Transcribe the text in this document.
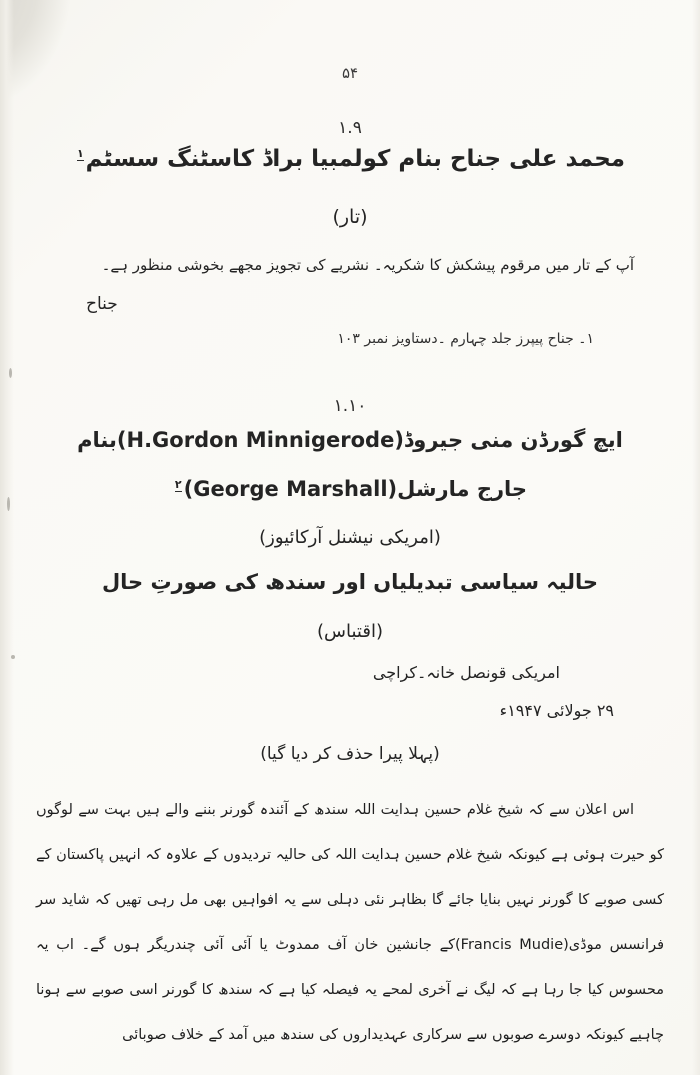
۵۴
۱.۹
محمد علی جناح بنام کولمبیا براڈ کاسٹنگ سسٹم$^۱$
(تار)
آپ کے تار میں مرقوم پیشکش کا شکریہ۔ نشریے کی تجویز مجھے بخوشی منظور ہے۔
جناح
۱۔ جناح پیپرز جلد چہارم ۔دستاویز نمبر ۱۰۳
۱.۱۰
ایچ گورڈن منی جیروڈ(H.Gordon Minnigerode)بنام
جارج مارشل$^۲$(George Marshall)
(امریکی نیشنل آرکائیوز)
حالیہ سیاسی تبدیلیاں اور سندھ کی صورتِ حال
(اقتباس)
امریکی قونصل خانہ۔کراچی
۲۹ جولائی ۱۹۴۷ء
(پہلا پیرا حذف کر دیا گیا)
اس اعلان سے کہ شیخ غلام حسین ہدایت اللہ سندھ کے آئندہ گورنر بننے والے ہیں بہت سے لوگوں کو حیرت ہوئی ہے کیونکہ شیخ غلام حسین ہدایت اللہ کی حالیہ تردیدوں کے علاوہ کہ انہیں پاکستان کے کسی صوبے کا گورنر نہیں بنایا جائے گا بظاہر نئی دہلی سے یہ افواہیں بھی مل رہی تھیں کہ شاید سر فرانسس موڈی(Francis Mudie)کے جانشین خان آف ممدوٹ یا آئی آئی چندریگر ہوں گے۔ اب یہ محسوس کیا جا رہا ہے کہ لیگ نے آخری لمحے یہ فیصلہ کیا ہے کہ سندھ کا گورنر اسی صوبے سے ہونا چاہیے کیونکہ دوسرے صوبوں سے سرکاری عہدیداروں کی سندھ میں آمد کے خلاف صوبائی
